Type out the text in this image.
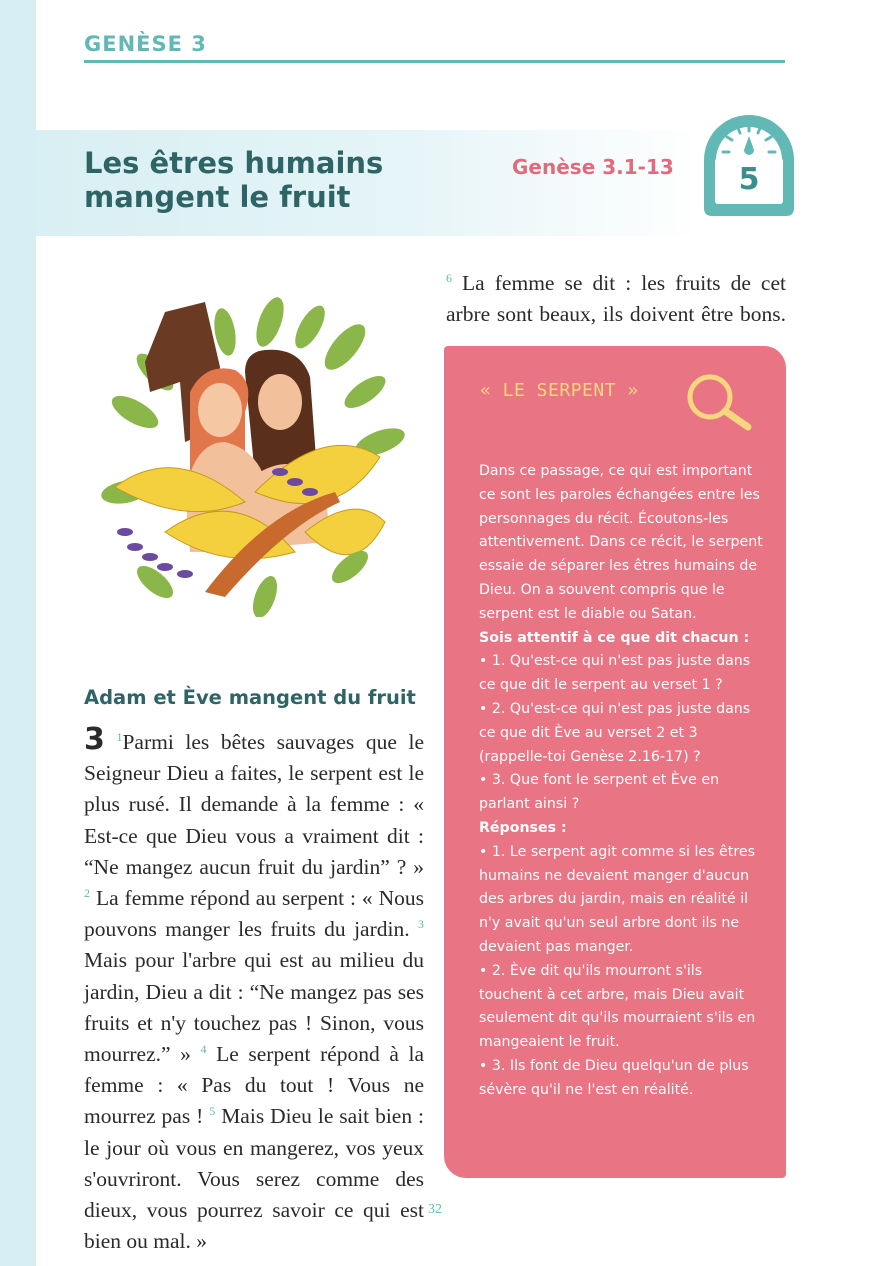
GENÈSE 3
Les êtres humains mangent le fruit
Genèse 3.1-13	5
$^6$ La femme se dit : les fruits de cet arbre sont beaux, ils doivent être bons.
« LE SERPENT »

Dans ce passage, ce qui est important ce sont les paroles échangées entre les personnages du récit. Écoutons-les attentivement. Dans ce récit, le serpent essaie de séparer les êtres humains de Dieu. On a souvent compris que le serpent est le diable ou Satan.

Sois attentif à ce que dit chacun :

• 1. Qu'est-ce qui n'est pas juste dans ce que dit le serpent au verset 1 ?

• 2. Qu'est-ce qui n'est pas juste dans ce que dit Ève au verset 2 et 3 (rappelle-toi Genèse 2.16-17) ?

• 3. Que font le serpent et Ève en parlant ainsi ?

Réponses :

• 1. Le serpent agit comme si les êtres humains ne devaient manger d'aucun des arbres du jardin, mais en réalité il n'y avait qu'un seul arbre dont ils ne devaient pas manger.

• 2. Ève dit qu'ils mourront s'ils touchent à cet arbre, mais Dieu avait seulement dit qu'ils mourraient s'ils en mangeaient le fruit.

• 3. Ils font de Dieu quelqu'un de plus sévère qu'il ne l'est en réalité.

Adam et Ève mangent du fruit
3 $^1$Parmi les bêtes sauvages que le Seigneur Dieu a faites, le serpent est le plus rusé. Il demande à la femme : « Est-ce que Dieu vous a vraiment dit : “Ne mangez aucun fruit du jardin” ? » $^2$ La femme répond au serpent : « Nous pouvons manger les fruits du jardin. $^3$ Mais pour l'arbre qui est au milieu du jardin, Dieu a dit : “Ne mangez pas ses fruits et n'y touchez pas ! Sinon, vous mourrez.” » $^4$ Le serpent répond à la femme : « Pas du tout ! Vous ne mourrez pas ! $^5$ Mais Dieu le sait bien : le jour où vous en mangerez, vos yeux s'ouvriront. Vous serez comme des dieux, vous pourrez savoir ce qui est bien ou mal. »
32
